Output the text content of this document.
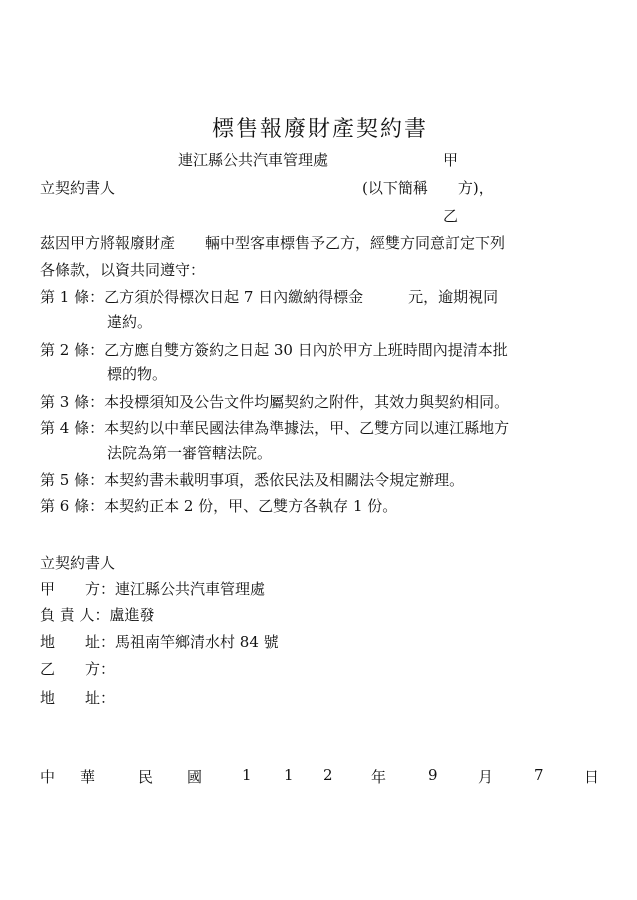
標售報廢財產契約書
連江縣公共汽車管理處	甲
立契約書人	(以下簡稱　　方)，
乙
茲因甲方將報廢財產　　輛中型客車標售予乙方，經雙方同意訂定下列
各條款，以資共同遵守：
第 1 條：乙方須於得標次日起 7 日內繳納得標金　　　元，逾期視同
違約。
第 2 條：乙方應自雙方簽約之日起 30 日內於甲方上班時間內提清本批
標的物。
第 3 條：本投標須知及公告文件均屬契約之附件，其效力與契約相同。
第 4 條：本契約以中華民國法律為準據法，甲、乙雙方同以連江縣地方
法院為第一審管轄法院。
第 5 條：本契約書未載明事項，悉依民法及相關法令規定辦理。
第 6 條：本契約正本 2 份，甲、乙雙方各執存 1 份。
立契約書人
甲　　方：連江縣公共汽車管理處
負 責 人：盧進發
地　　址：馬祖南竿鄉清水村 84 號
乙　　方：
地　　址：
中 華	民 國	1 1 2	年	9	月	7	日
